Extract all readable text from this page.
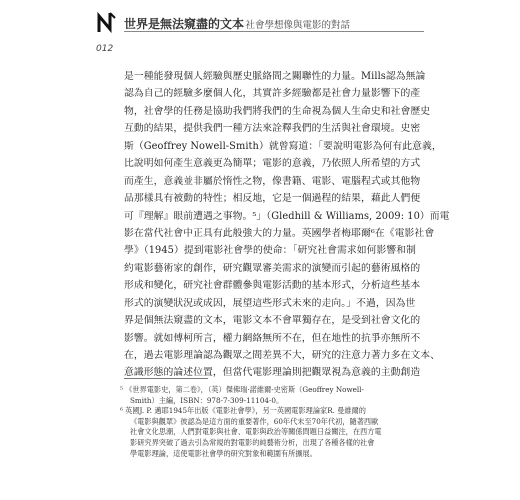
世界是無法窺盡的文本
：社會學想像與電影的對話
012
是一種能發現個人經驗與歷史脈絡間之關聯性的力量。Mills認為無論
認為自己的經驗多麼個人化，其實許多經驗都是社會力量影響下的產
物，社會學的任務是協助我們將我們的生命視為個人生命史和社會歷史
互動的結果，提供我們一種方法來詮釋我們的生活與社會環境。史密
斯（Geoffrey Nowell-Smith）就曾寫道：「要說明電影為何有此意義，
比說明如何產生意義更為簡單；電影的意義，乃依照人所希望的方式
而產生，意義並非屬於惰性之物，像書籍、電影、電腦程式或其他物
品那樣具有被動的特性；相反地，它是一個過程的結果，藉此人們便
可『理解』眼前遭遇之事物。⁵」（Gledhill & Williams, 2009: 10）而電
影在當代社會中正具有此般強大的力量。英國學者梅耶爾⁶在《電影社會
學》（1945）提到電影社會學的使命：「研究社會需求如何影響和制
約電影藝術家的創作，研究觀眾審美需求的演變而引起的藝術風格的
形成和變化，研究社會群體參與電影活動的基本形式，分析這些基本
形式的演變狀況或成因，展望這些形式未來的走向。」不過，因為世
界是個無法窺盡的文本，電影文本不會單獨存在，是受到社會文化的
影響。就如傅柯所言，權力網絡無所不在，但在地性的抗爭亦無所不
在，過去電影理論認為觀眾之間差異不大，研究的注意力著力多在文本、
意識形態的論述位置，但當代電影理論則把觀眾視為意義的主動創造
⁵ 《世界電影史，第二卷》，（英）傑佛瑞·諾維爾-史密斯（Geoffrey Nowell-
Smith）主編，ISBN：978-7-309-11104-0。
⁶ 英國J. P. 邁耶1945年出版《電影社會學》，另一英國電影理論家R. 曼維爾的
《電影與觀眾》彼認為是這方面的重要著作，60年代末至70年代初，隨著西歐
社會文化思潮，人們對電影與社會、電影與政治等關係問題日益關注，在西方電
影研究界突破了過去引為常規的對電影的純藝術分析，出現了各種各樣的社會
學電影理論，這使電影社會學的研究對象和範圍有所擴展。
